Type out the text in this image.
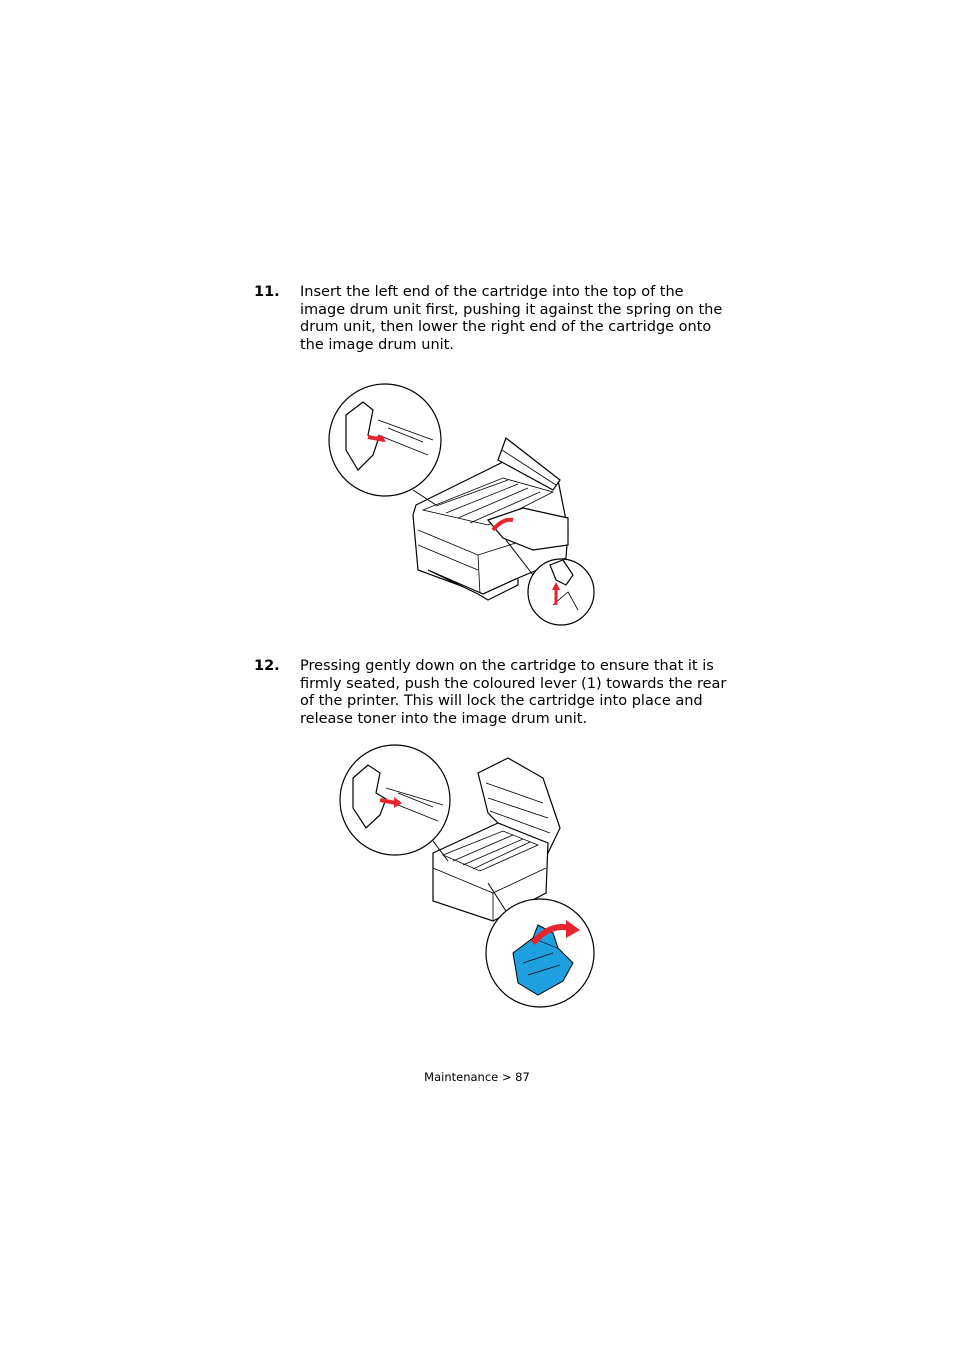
11. Insert the left end of the cartridge into the top of the image drum unit first, pushing it against the spring on the drum unit, then lower the right end of the cartridge onto the image drum unit.
12. Pressing gently down on the cartridge to ensure that it is firmly seated, push the coloured lever (1) towards the rear of the printer. This will lock the cartridge into place and release toner into the image drum unit.
Maintenance > 87
